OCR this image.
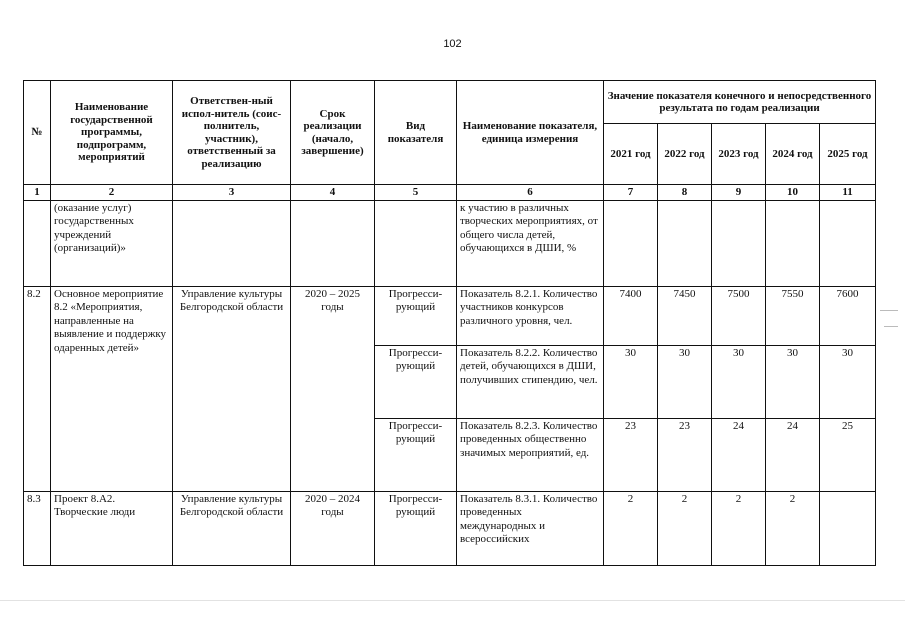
102
№	Наименование государственной программы, подпрограмм, мероприятий	Ответствен-ный испол-нитель (соис-полнитель, участник), ответственный за реализацию	Срок реализации (начало, завершение)	Вид показателя	Наименование показателя, единица измерения	Значение показателя конечного и непосредственного результата по годам реализации				
						2021 год	2022 год	2023 год	2024 год	2025 год
1	2	3	4	5	6	7	8	9	10	11
	(оказание услуг) государственных учреждений (организаций)»				к участию в различных творческих мероприятиях, от общего числа детей, обучающихся в ДШИ, %					
8.2	Основное мероприятие 8.2 «Мероприятия, направленные на выявление и поддержку одаренных детей»	Управление культуры Белгородской области	2020 – 2025 годы	Прогресси-рующий	Показатель 8.2.1. Количество участников конкурсов различного уровня, чел.	7400	7450	7500	7550	7600
				Прогресси-рующий	Показатель 8.2.2. Количество детей, обучающихся в ДШИ, получивших стипендию, чел.	30	30	30	30	30
				Прогресси-рующий	Показатель 8.2.3. Количество проведенных общественно значимых мероприятий, ед.	23	23	24	24	25
8.3	Проект 8.А2. Творческие люди	Управление культуры Белгородской области	2020 – 2024 годы	Прогресси-рующий	Показатель 8.3.1. Количество проведенных международных и всероссийских	2	2	2	2	
